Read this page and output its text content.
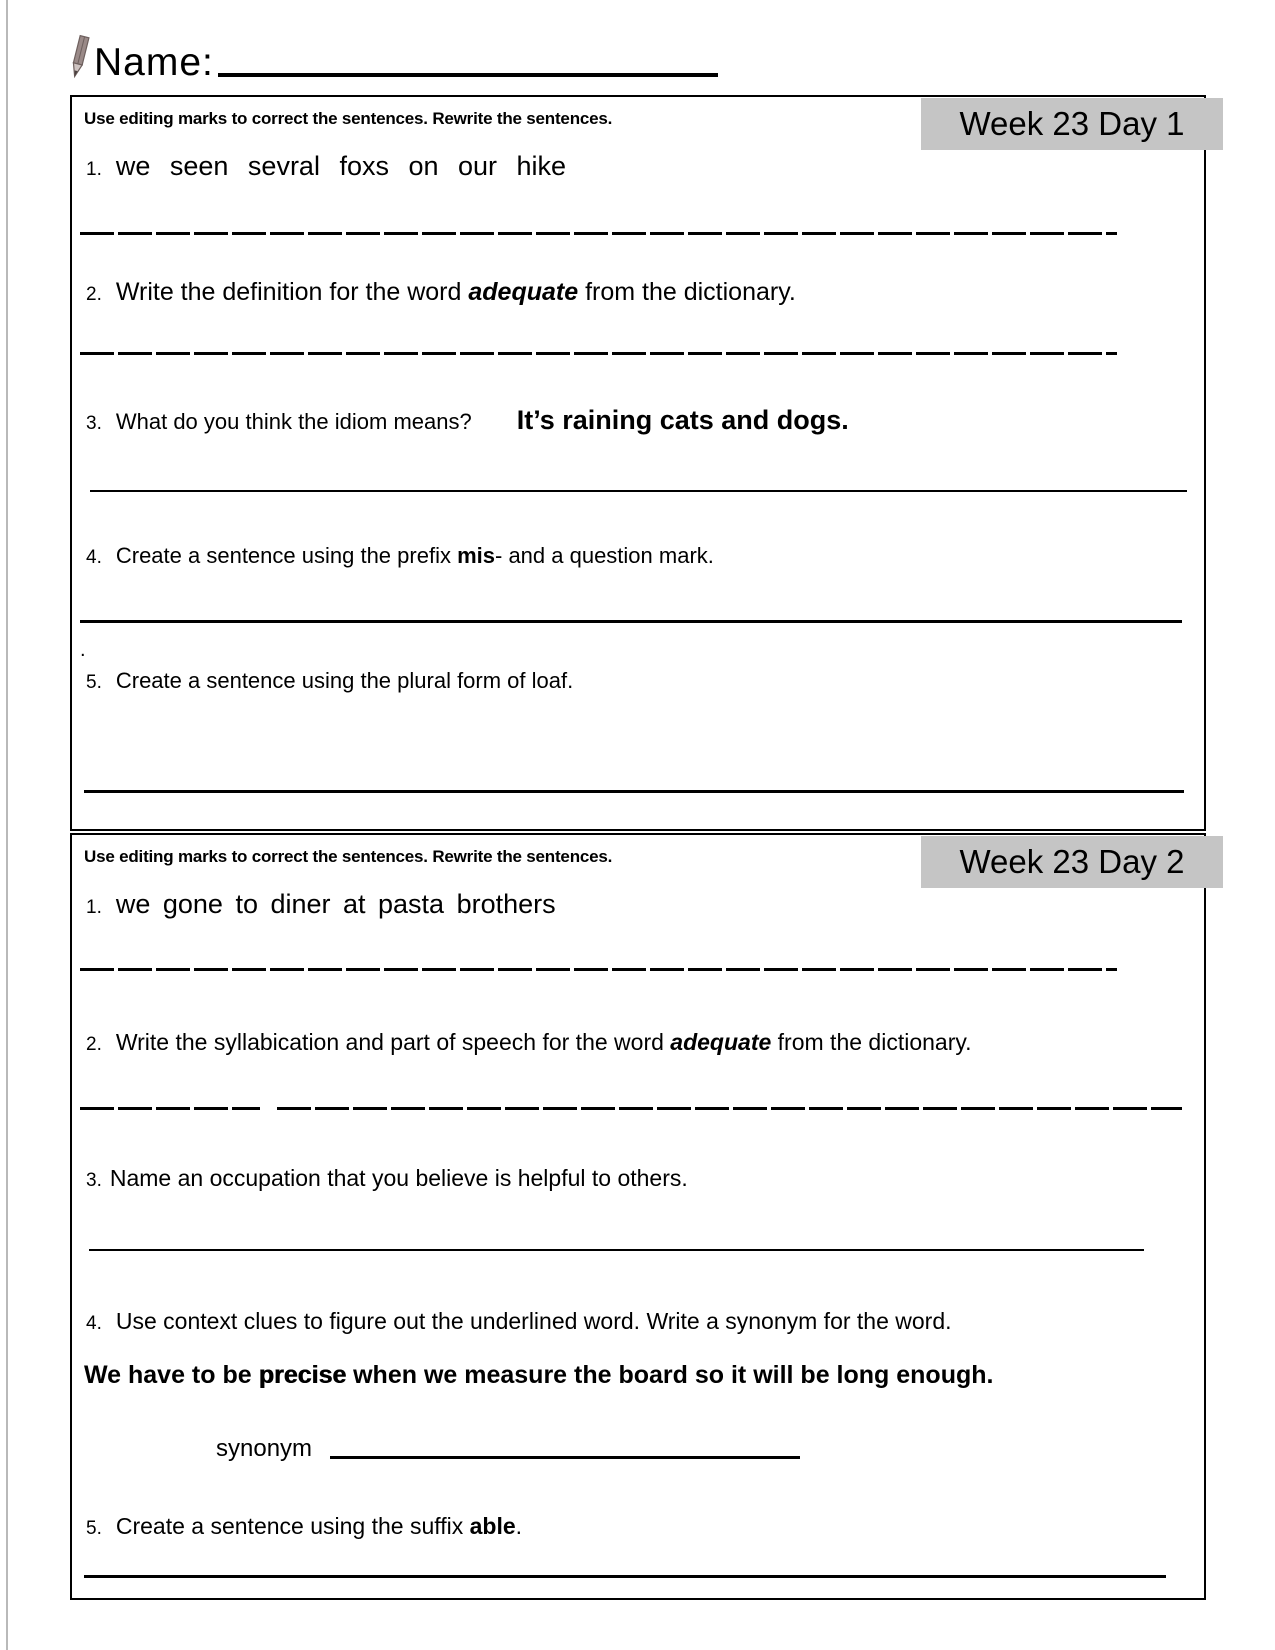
Name:
Use editing marks to correct the sentences. Rewrite the sentences.	Week 23 Day 1
1. we seen sevral foxs on our hike
2. Write the definition for the word adequate from the dictionary.
3. What do you think the idiom means? It’s raining cats and dogs.
4. Create a sentence using the prefix mis- and a question mark.
.
5. Create a sentence using the plural form of loaf.
Use editing marks to correct the sentences. Rewrite the sentences.	Week 23 Day 2
1. we gone to diner at pasta brothers
2. Write the syllabication and part of speech for the word adequate from the dictionary.
3. Name an occupation that you believe is helpful to others.
4. Use context clues to figure out the underlined word. Write a synonym for the word.
We have to be precise when we measure the board so it will be long enough.
synonym
5. Create a sentence using the suffix able.
